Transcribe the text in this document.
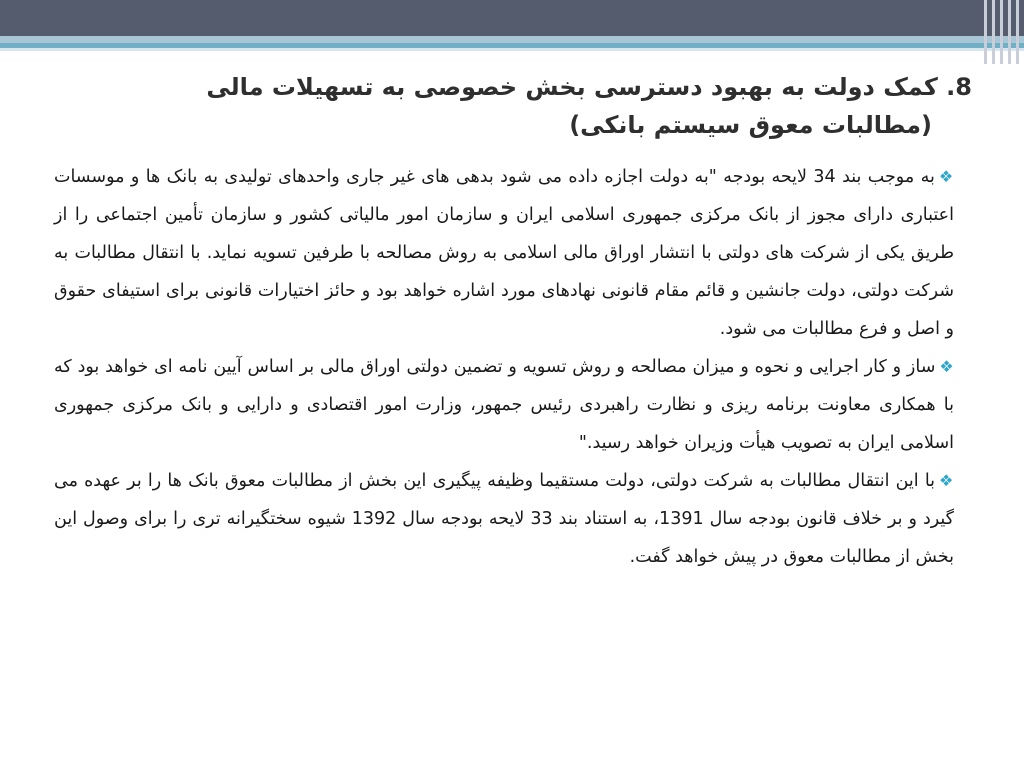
8. کمک دولت به بهبود دسترسی بخش خصوصی به تسهیلات مالی
(مطالبات معوق سیستم بانکی)

❖به موجب بند 34 لایحه بودجه "به دولت اجازه داده می شود بدهی های غیر جاری واحدهای تولیدی به بانک ها و موسسات اعتباری دارای مجوز از بانک مرکزی جمهوری اسلامی ایران و سازمان امور مالیاتی کشور و سازمان تأمین اجتماعی را از طریق یکی از شرکت های دولتی با انتشار اوراق مالی اسلامی به روش مصالحه با طرفین تسویه نماید. با انتقال مطالبات به شرکت دولتی، دولت جانشین و قائم مقام قانونی نهادهای مورد اشاره خواهد بود و حائز اختیارات قانونی برای استیفای حقوق و اصل و فرع مطالبات می شود.

❖ساز و کار اجرایی و نحوه و میزان مصالحه و روش تسویه و تضمین دولتی اوراق مالی بر اساس آیین نامه ای خواهد بود که با همکاری معاونت برنامه ریزی و نظارت راهبردی رئیس جمهور، وزارت امور اقتصادی و دارایی و بانک مرکزی جمهوری اسلامی ایران به تصویب هیأت وزیران خواهد رسید."

❖با این انتقال مطالبات به شرکت دولتی، دولت مستقیما وظیفه پیگیری این بخش از مطالبات معوق بانک ها را بر عهده می گیرد و بر خلاف قانون بودجه سال 1391، به استناد بند 33 لایحه بودجه سال 1392 شیوه سختگیرانه تری را برای وصول این بخش از مطالبات معوق در پیش خواهد گفت.
